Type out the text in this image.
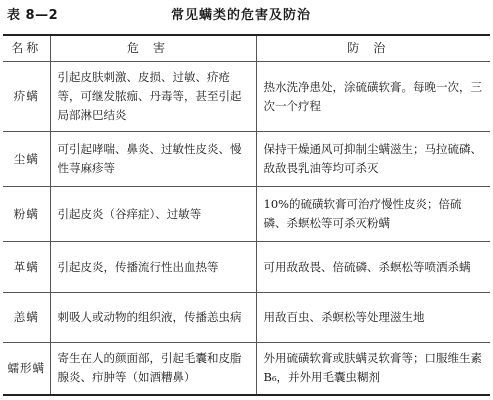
表 8—2	常见螨类的危害及防治
名称	危害	防治
疥螨	引起皮肤刺激、皮损、过敏、疥疮等，可继发脓痂、丹毒等，甚至引起局部淋巴结炎	热水洗净患处，涂硫磺软膏。每晚一次，三次一个疗程
尘螨	可引起哮喘、鼻炎、过敏性皮炎、慢性荨麻疹等	保持干燥通风可抑制尘螨滋生；马拉硫磷、敌敌畏乳油等均可杀灭
粉螨	引起皮炎（谷痒症）、过敏等	10%的硫磺软膏可治疗慢性皮炎；倍硫磷、杀螟松等可杀灭粉螨
革螨	引起皮炎，传播流行性出血热等	可用敌敌畏、倍硫磷、杀螟松等喷洒杀螨
恙螨	刺吸人或动物的组织液，传播恙虫病	用敌百虫、杀螟松等处理滋生地
蠕形螨	寄生在人的颜面部，引起毛囊和皮脂腺炎、疖肿等（如酒糟鼻）	外用硫磺软膏或肤螨灵软膏等；口服维生素 B₆，并外用毛囊虫糊剂
